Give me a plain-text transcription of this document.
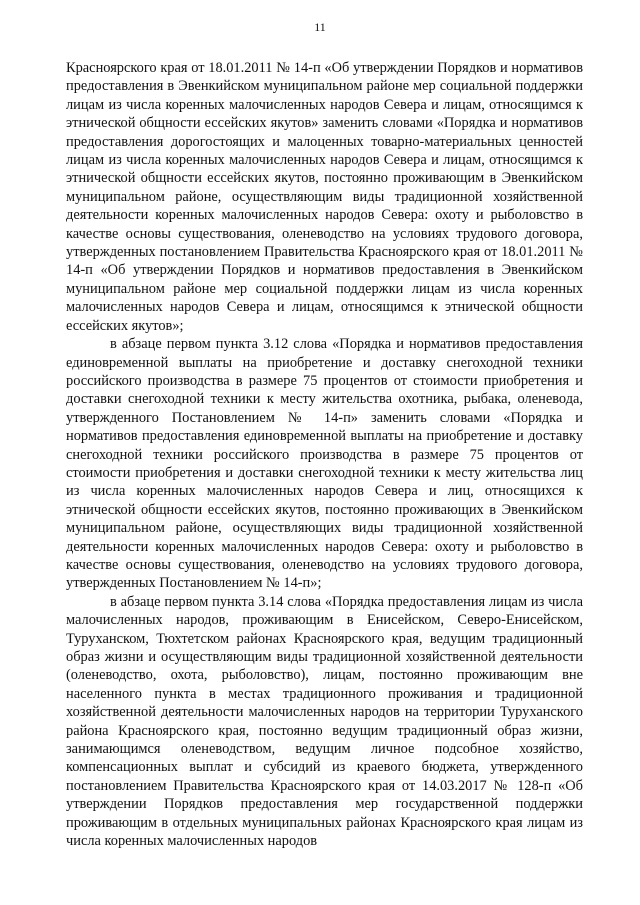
11

Красноярского края от 18.01.2011 № 14-п «Об утверждении Порядков и нормативов предоставления в Эвенкийском муниципальном районе мер социальной поддержки лицам из числа коренных малочисленных народов Севера и лицам, относящимся к этнической общности ессейских якутов» заменить словами «Порядка и нормативов предоставления дорогостоящих и малоценных товарно-материальных ценностей лицам из числа коренных малочисленных народов Севера и лицам, относящимся к этнической общности ессейских якутов, постоянно проживающим в Эвенкийском муниципальном районе, осуществляющим виды традиционной хозяйственной деятельности коренных малочисленных народов Севера: охоту и рыболовство в качестве основы существования, оленеводство на условиях трудового договора, утвержденных постановлением Правительства Красноярского края от 18.01.2011 № 14-п «Об утверждении Порядков и нормативов предоставления в Эвенкийском муниципальном районе мер социальной поддержки лицам из числа коренных малочисленных народов Севера и лицам, относящимся к этнической общности ессейских якутов»;

в абзаце первом пункта 3.12 слова «Порядка и нормативов предоставления единовременной выплаты на приобретение и доставку снегоходной техники российского производства в размере 75 процентов от стоимости приобретения и доставки снегоходной техники к месту жительства охотника, рыбака, оленевода, утвержденного Постановлением № 14-п» заменить словами «Порядка и нормативов предоставления единовременной выплаты на приобретение и доставку снегоходной техники российского производства в размере 75 процентов от стоимости приобретения и доставки снегоходной техники к месту жительства лиц из числа коренных малочисленных народов Севера и лиц, относящихся к этнической общности ессейских якутов, постоянно проживающих в Эвенкийском муниципальном районе, осуществляющих виды традиционной хозяйственной деятельности коренных малочисленных народов Севера: охоту и рыболовство в качестве основы существования, оленеводство на условиях трудового договора, утвержденных Постановлением № 14-п»;

в абзаце первом пункта 3.14 слова «Порядка предоставления лицам из числа малочисленных народов, проживающим в Енисейском, Северо-Енисейском, Туруханском, Тюхтетском районах Красноярского края, ведущим традиционный образ жизни и осуществляющим виды традиционной хозяйственной деятельности (оленеводство, охота, рыболовство), лицам, постоянно проживающим вне населенного пункта в местах традиционного проживания и традиционной хозяйственной деятельности малочисленных народов на территории Туруханского района Красноярского края, постоянно ведущим традиционный образ жизни, занимающимся оленеводством, ведущим личное подсобное хозяйство, компенсационных выплат и субсидий из краевого бюджета, утвержденного постановлением Правительства Красноярского края от 14.03.2017 № 128-п «Об утверждении Порядков предоставления мер государственной поддержки проживающим в отдельных муниципальных районах Красноярского края лицам из числа коренных малочисленных народов
